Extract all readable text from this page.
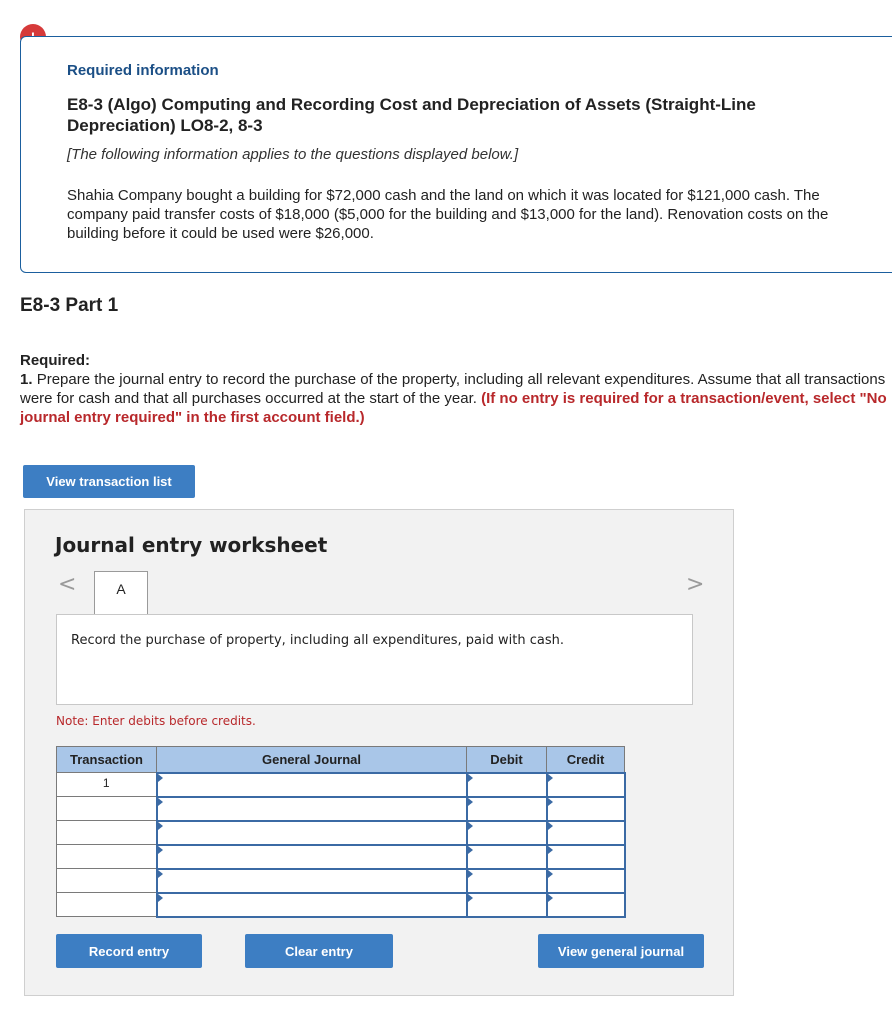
Required information
E8-3 (Algo) Computing and Recording Cost and Depreciation of Assets (Straight-Line Depreciation) LO8-2, 8-3
[The following information applies to the questions displayed below.]
Shahia Company bought a building for $72,000 cash and the land on which it was located for $121,000 cash. The company paid transfer costs of $18,000 ($5,000 for the building and $13,000 for the land). Renovation costs on the building before it could be used were $26,000.
E8-3 Part 1
Required:
1. Prepare the journal entry to record the purchase of the property, including all relevant expenditures. Assume that all transactions were for cash and that all purchases occurred at the start of the year. (If no entry is required for a transaction/event, select "No journal entry required" in the first account field.)
View transaction list
Journal entry worksheet
<	A	>
Record the purchase of property, including all expenditures, paid with cash.
Note: Enter debits before credits.
Transaction	General Journal	Debit	Credit
1			

Record entry	Clear entry	View general journal
